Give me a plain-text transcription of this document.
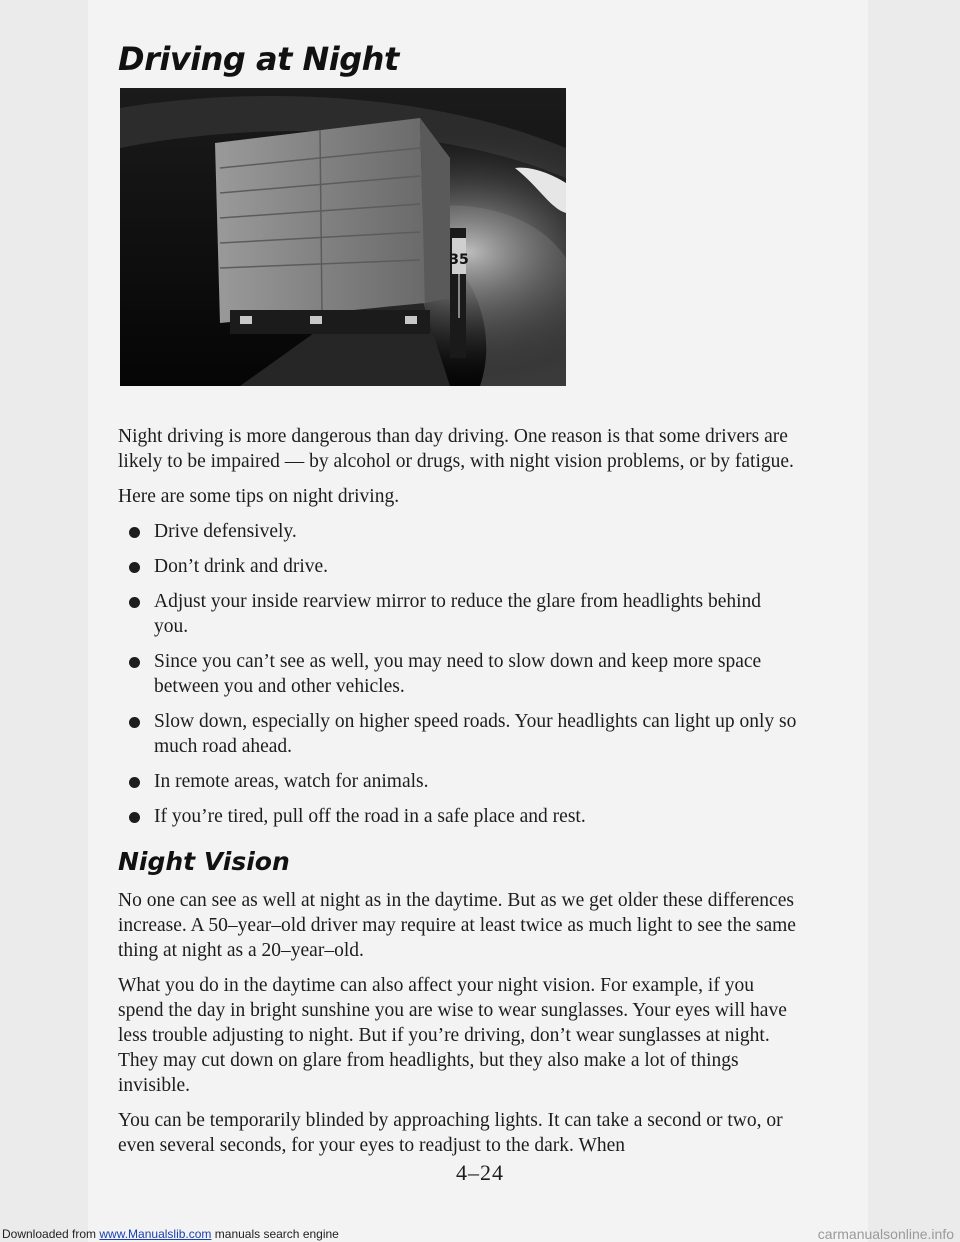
Driving at Night
35

Night driving is more dangerous than day driving. One reason is that some drivers are likely to be impaired — by alcohol or drugs, with night vision problems, or by fatigue.

Here are some tips on night driving.

Drive defensively.
Don’t drink and drive.
Adjust your inside rearview mirror to reduce the glare from headlights behind you.
Since you can’t see as well, you may need to slow down and keep more space between you and other vehicles.
Slow down, especially on higher speed roads. Your headlights can light up only so much road ahead.
In remote areas, watch for animals.
If you’re tired, pull off the road in a safe place and rest.
Night Vision

No one can see as well at night as in the daytime. But as we get older these differences increase. A 50–year–old driver may require at least twice as much light to see the same thing at night as a 20–year–old.

What you do in the daytime can also affect your night vision. For example, if you spend the day in bright sunshine you are wise to wear sunglasses. Your eyes will have less trouble adjusting to night. But if you’re driving, don’t wear sunglasses at night. They may cut down on glare from headlights, but they also make a lot of things invisible.

You can be temporarily blinded by approaching lights. It can take a second or two, or even several seconds, for your eyes to readjust to the dark. When

4–24
Downloaded from www.Manualslib.com manuals search engine	carmanualsonline.info
